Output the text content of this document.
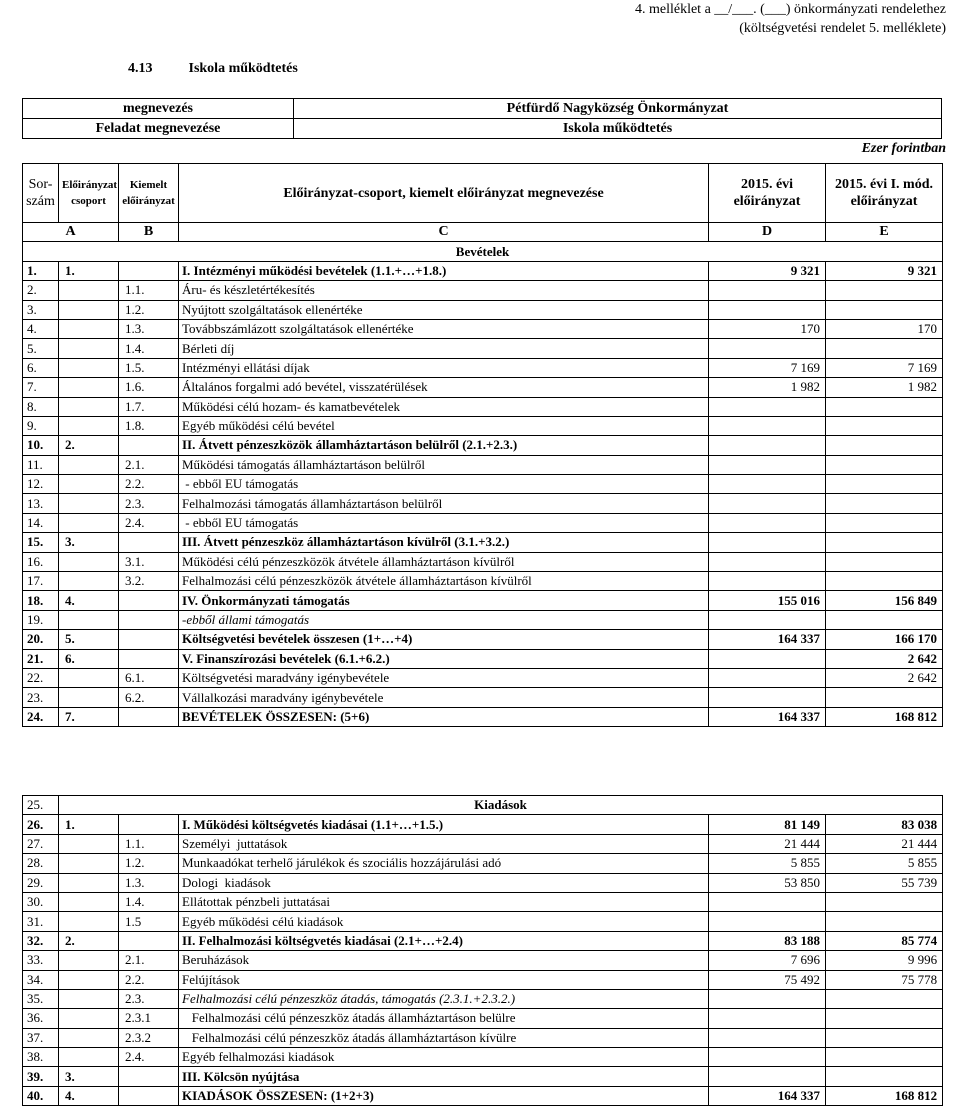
4. melléklet a __/___. (___) önkormányzati rendelethez
(költségvetési rendelet 5. melléklete)
4.13	Iskola működtetés
megnevezés	Pétfürdő Nagyközség Önkormányzat
Feladat megnevezése	Iskola működtetés
Ezer forintban
Sor-szám	Előirányzat csoport	Kiemelt előirányzat	Előirányzat-csoport, kiemelt előirányzat megnevezése	2015. évi előirányzat	2015. évi I. mód. előirányzat
A		B	C	D	E
Bevételek					
1.	1.		I. Intézményi működési bevételek (1.1.+…+1.8.)	9 321	9 321
2.		1.1.	Áru- és készletértékesítés		
3.		1.2.	Nyújtott szolgáltatások ellenértéke		
4.		1.3.	Továbbszámlázott szolgáltatások ellenértéke	170	170
5.		1.4.	Bérleti díj		
6.		1.5.	Intézményi ellátási díjak	7 169	7 169
7.		1.6.	Általános forgalmi adó bevétel, visszatérülések	1 982	1 982
8.		1.7.	Működési célú hozam- és kamatbevételek		
9.		1.8.	Egyéb működési célú bevétel		
10.	2.		II. Átvett pénzeszközök államháztartáson belülről (2.1.+2.3.)		
11.		2.1.	Működési támogatás államháztartáson belülről		
12.		2.2.	- ebből EU támogatás		
13.		2.3.	Felhalmozási támogatás államháztartáson belülről		
14.		2.4.	- ebből EU támogatás		
15.	3.		III. Átvett pénzeszköz államháztartáson kívülről (3.1.+3.2.)		
16.		3.1.	Működési célú pénzeszközök átvétele államháztartáson kívülről		
17.		3.2.	Felhalmozási célú pénzeszközök átvétele államháztartáson kívülről		
18.	4.		IV. Önkormányzati támogatás	155 016	156 849
19.			-ebből állami támogatás		
20.	5.		Költségvetési bevételek összesen (1+…+4)	164 337	166 170
21.	6.		V. Finanszírozási bevételek (6.1.+6.2.)		2 642
22.		6.1.	Költségvetési maradvány igénybevétele		2 642
23.		6.2.	Vállalkozási maradvány igénybevétele		
24.	7.		BEVÉTELEK ÖSSZESEN: (5+6)	164 337	168 812
25.	Kiadások				
26.	1.		I. Működési költségvetés kiadásai (1.1+…+1.5.)	81 149	83 038
27.		1.1.	Személyi  juttatások	21 444	21 444
28.		1.2.	Munkaadókat terhelő járulékok és szociális hozzájárulási adó	5 855	5 855
29.		1.3.	Dologi  kiadások	53 850	55 739
30.		1.4.	Ellátottak pénzbeli juttatásai		
31.		1.5	Egyéb működési célú kiadások		
32.	2.		II. Felhalmozási költségvetés kiadásai (2.1+…+2.4)	83 188	85 774
33.		2.1.	Beruházások	7 696	9 996
34.		2.2.	Felújítások	75 492	75 778
35.		2.3.	Felhalmozási célú pénzeszköz átadás, támogatás (2.3.1.+2.3.2.)		
36.		2.3.1	Felhalmozási célú pénzeszköz átadás államháztartáson belülre		
37.		2.3.2	Felhalmozási célú pénzeszköz átadás államháztartáson kívülre		
38.		2.4.	Egyéb felhalmozási kiadások		
39.	3.		III. Kölcsön nyújtása		
40.	4.		KIADÁSOK ÖSSZESEN: (1+2+3)	164 337	168 812
